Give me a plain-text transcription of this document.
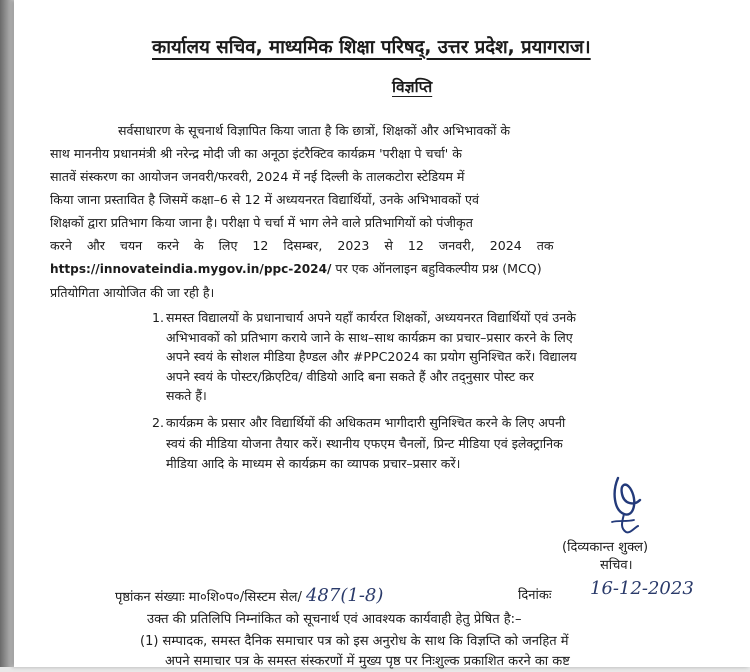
कार्यालय सचिव, माध्यमिक शिक्षा परिषद्, उत्तर प्रदेश, प्रयागराज।
विज्ञप्ति
सर्वसाधारण के सूचनार्थ विज्ञापित किया जाता है कि छात्रों, शिक्षकों और अभिभावकों के
साथ माननीय प्रधानमंत्री श्री नरेन्द्र मोदी जी का अनूठा इंटरैक्टिव कार्यक्रम 'परीक्षा पे चर्चा' के
सातवें संस्करण का आयोजन जनवरी/फरवरी, 2024 में नई दिल्ली के तालकटोरा स्टेडियम में
किया जाना प्रस्तावित है जिसमें कक्षा–6 से 12 में अध्ययनरत विद्यार्थियों, उनके अभिभावकों एवं
शिक्षकों द्वारा प्रतिभाग किया जाना है। परीक्षा पे चर्चा में भाग लेने वाले प्रतिभागियों को पंजीकृत
करने और चयन करने के लिए 12 दिसम्बर, 2023 से 12 जनवरी, 2024 तक
https://innovateindia.mygov.in/ppc-2024/ पर एक ऑनलाइन बहुविकल्पीय प्रश्न (MCQ)
प्रतियोगिता आयोजित की जा रही है।
1. समस्त विद्यालयों के प्रधानाचार्य अपने यहाँ कार्यरत शिक्षकों, अध्ययनरत विद्यार्थियों एवं उनके
अभिभावकों को प्रतिभाग कराये जाने के साथ–साथ कार्यक्रम का प्रचार–प्रसार करने के लिए
अपने स्वयं के सोशल मीडिया हैण्डल और #PPC2024 का प्रयोग सुनिश्चित करें। विद्यालय
अपने स्वयं के पोस्टर/क्रिएटिव/ वीडियो आदि बना सकते हैं और तद्नुसार पोस्ट कर
सकते हैं।
2. कार्यक्रम के प्रसार और विद्यार्थियों की अधिकतम भागीदारी सुनिश्चित करने के लिए अपनी
स्वयं की मीडिया योजना तैयार करें। स्थानीय एफएम चैनलों, प्रिन्ट मीडिया एवं इलेक्ट्रानिक
मीडिया आदि के माध्यम से कार्यक्रम का व्यापक प्रचार–प्रसार करें।

(दिव्यकान्त शुक्ल)

सचिव।

पृष्ठांकन संख्याः मा०शि०प०/सिस्टम सेल/ 487(1-8)	दिनांकः 16-12-2023

उक्त की प्रतिलिपि निम्नांकित को सूचनार्थ एवं आवश्यक कार्यवाही हेतु प्रेषित है:–

(1) सम्पादक, समस्त दैनिक समाचार पत्र को इस अनुरोध के साथ कि विज्ञप्ति को जनहित में
अपने समाचार पत्र के समस्त संस्करणों में मुख्य पृष्ठ पर निःशुल्क प्रकाशित करने का कष्ट
